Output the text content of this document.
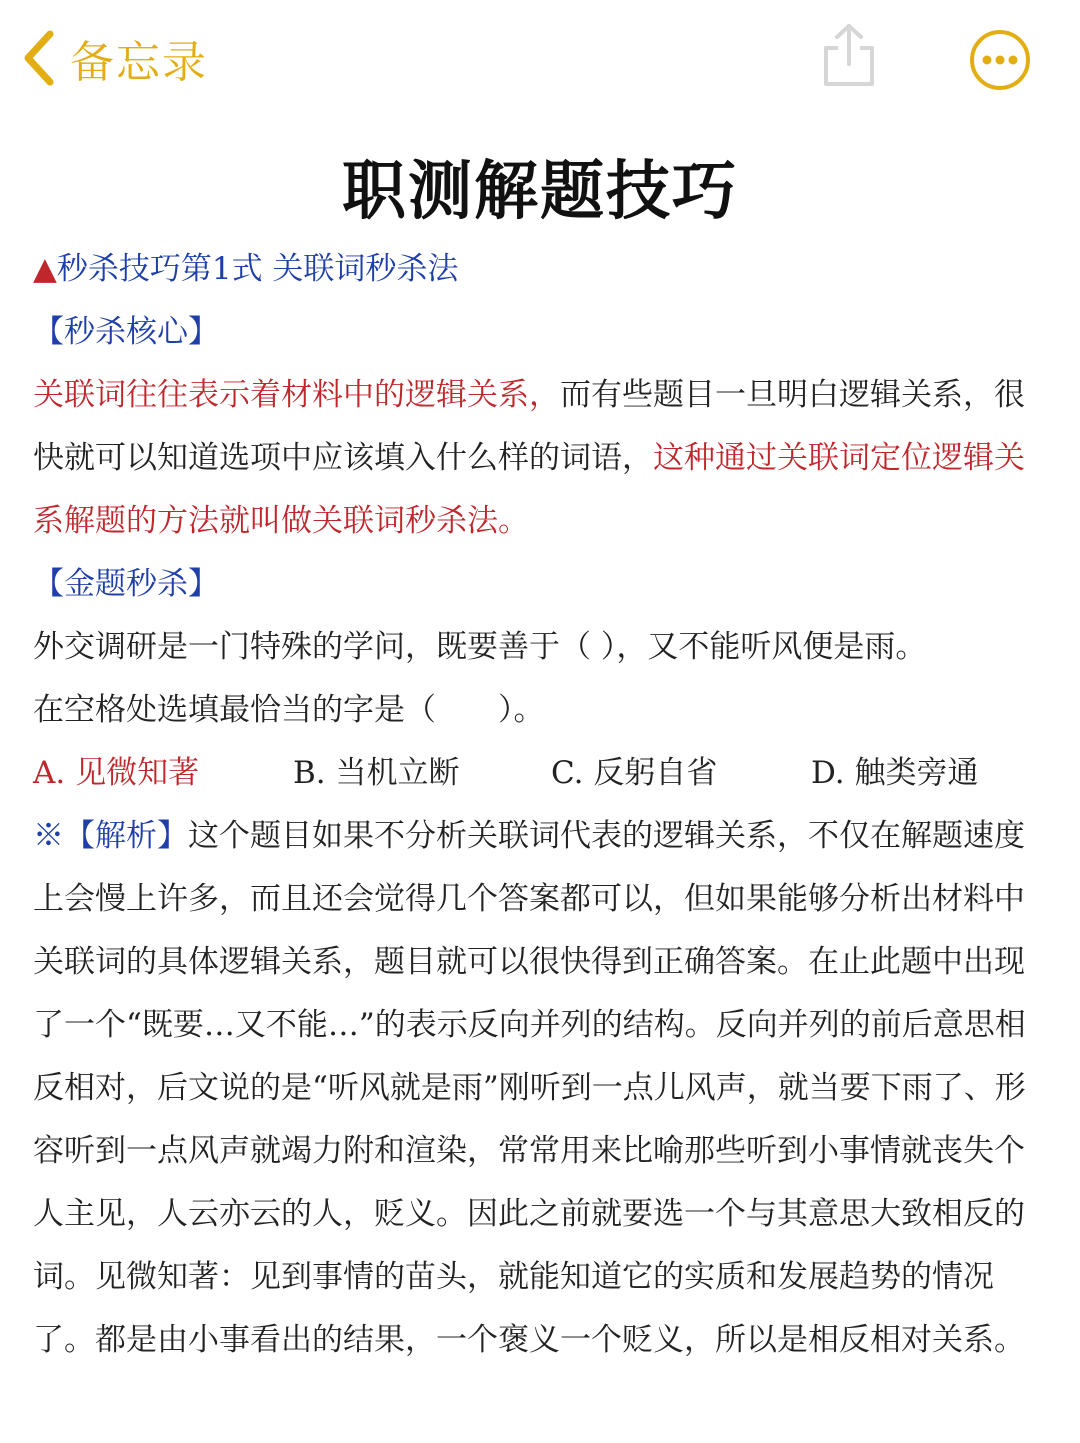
备忘录
职测解题技巧
▲秒杀技巧第1式 关联词秒杀法
【秒杀核心】
关联词往往表示着材料中的逻辑关系，而有些题目一旦明白逻辑关系，很快就可以知道选项中应该填入什么样的词语，这种通过关联词定位逻辑关系解题的方法就叫做关联词秒杀法。
【金题秒杀】
外交调研是一门特殊的学问，既要善于（ ），又不能听风便是雨。
在空格处选填最恰当的字是（　　）。
A. 见微知著	B. 当机立断	C. 反躬自省	D. 触类旁通
※【解析】这个题目如果不分析关联词代表的逻辑关系，不仅在解题速度上会慢上许多，而且还会觉得几个答案都可以，但如果能够分析出材料中关联词的具体逻辑关系，题目就可以很快得到正确答案。在止此题中出现了一个“既要…又不能…”的表示反向并列的结构。反向并列的前后意思相反相对，后文说的是“听风就是雨”刚听到一点儿风声，就当要下雨了、形容听到一点风声就竭力附和渲染，常常用来比喻那些听到小事情就丧失个人主见，人云亦云的人，贬义。因此之前就要选一个与其意思大致相反的词。见微知著：见到事情的苗头，就能知道它的实质和发展趋势的情况了。都是由小事看出的结果，一个褒义一个贬义，所以是相反相对关系。
